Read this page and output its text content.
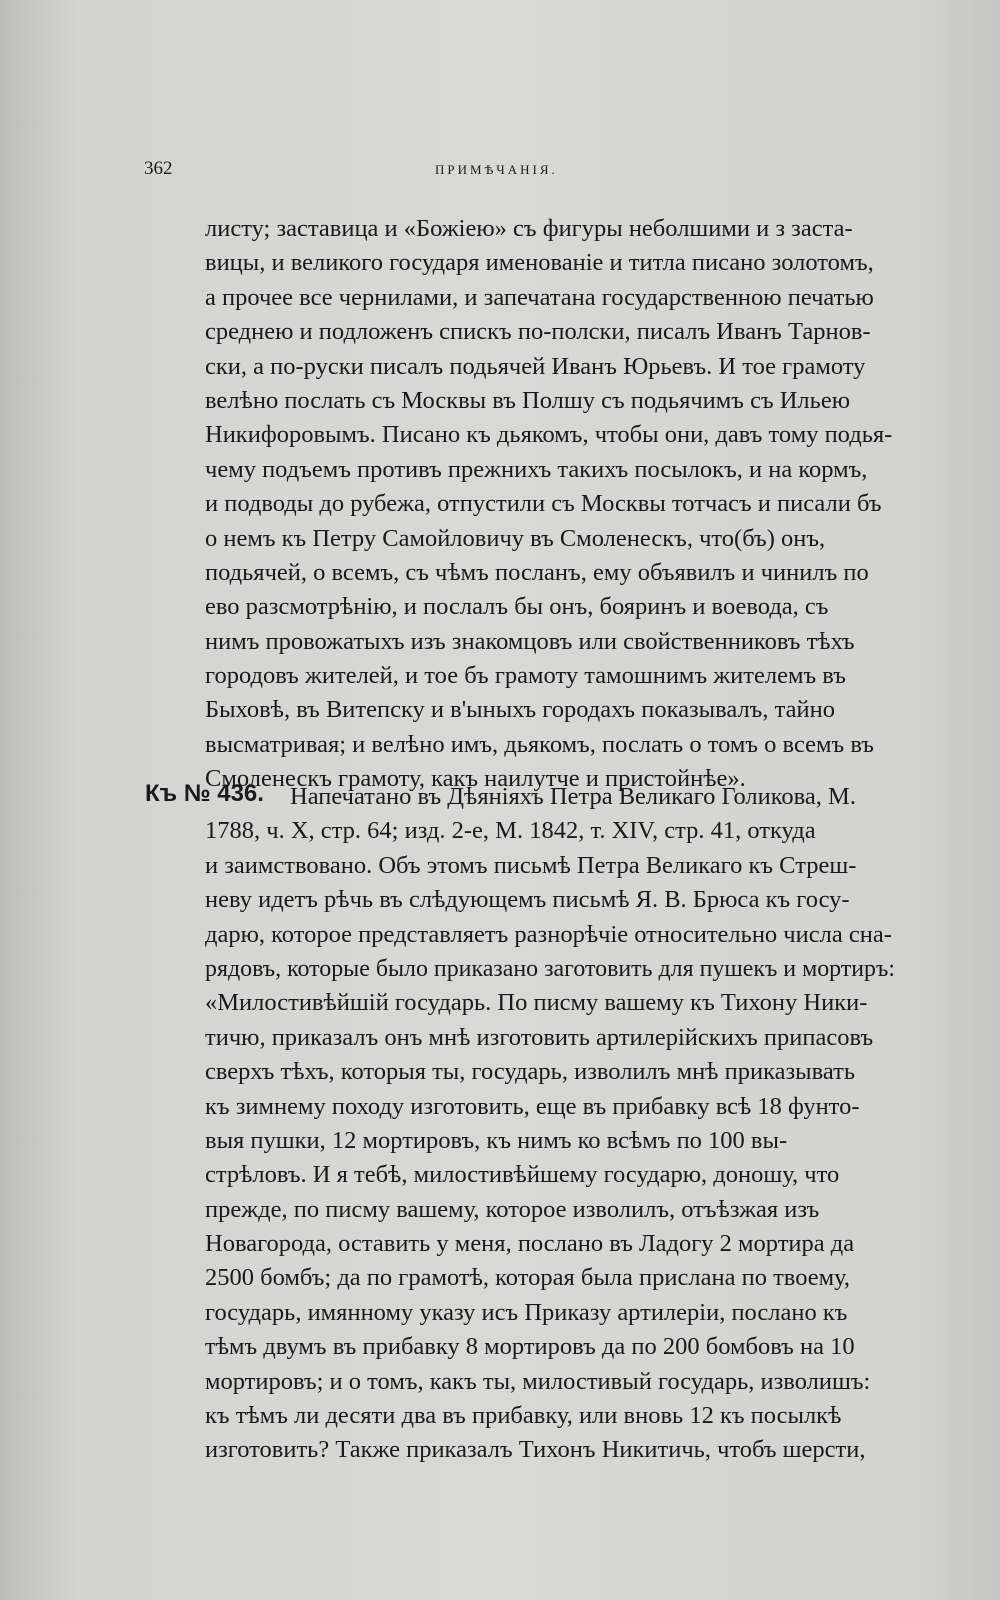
362	ПРИМѢЧАНІЯ.
листу; заставица и «Божіею» съ фигуры неболшими и з заста-
вицы, и великого государя именованіе и титла писано золотомъ,
а прочее все чернилами, и запечатана государственною печатью
среднею и подложенъ спискъ по-полски, писалъ Иванъ Тарнов-
ски, а по-руски писалъ подьячей Иванъ Юрьевъ. И тое грамоту
велѣно послать съ Москвы въ Полшу съ подьячимъ съ Ильею
Никифоровымъ. Писано къ дьякомъ, чтобы они, давъ тому подья-
чему подъемъ противъ прежнихъ такихъ посылокъ, и на кормъ,
и подводы до рубежа, отпустили съ Москвы тотчасъ и писали бъ
о немъ къ Петру Самойловичу въ Смоленескъ, что(бъ) онъ,
подьячей, о всемъ, съ чѣмъ посланъ, ему объявилъ и чинилъ по
ево разсмотрѣнію, и послалъ бы онъ, бояринъ и воевода, съ
нимъ провожатыхъ изъ знакомцовъ или свойственниковъ тѣхъ
городовъ жителей, и тое бъ грамоту тамошнимъ жителемъ въ
Быховѣ, въ Витепску и в'ыныхъ городахъ показывалъ, тайно
высматривая; и велѣно имъ, дьякомъ, послать о томъ о всемъ въ
Смоленескъ грамоту, какъ наилутче и пристойнѣе».
Къ № 436.	Напечатано въ Дѣяніяхъ Петра Великаго Голикова, М.
1788, ч. X, стр. 64; изд. 2-е, М. 1842, т. XIV, стр. 41, откуда
и заимствовано. Объ этомъ письмѣ Петра Великаго къ Стреш-
неву идетъ рѣчь въ слѣдующемъ письмѣ Я. В. Брюса къ госу-
дарю, которое представляетъ разнорѣчіе относительно числа сна-
рядовъ, которые было приказано заготовить для пушекъ и мортиръ:
«Милостивѣйшій государь. По писму вашему къ Тихону Ники-
тичю, приказалъ онъ мнѣ изготовить артилерійскихъ припасовъ
сверхъ тѣхъ, которыя ты, государь, изволилъ мнѣ приказывать
къ зимнему походу изготовить, еще въ прибавку всѣ 18 фунто-
выя пушки, 12 мортировъ, къ нимъ ко всѣмъ по 100 вы-
стрѣловъ. И я тебѣ, милостивѣйшему государю, доношу, что
прежде, по писму вашему, которое изволилъ, отъѣзжая изъ
Новагорода, оставить у меня, послано въ Ладогу 2 мортира да
2500 бомбъ; да по грамотѣ, которая была прислана по твоему,
государь, имянному указу исъ Приказу артилеріи, послано къ
тѣмъ двумъ въ прибавку 8 мортировъ да по 200 бомбовъ на 10
мортировъ; и о томъ, какъ ты, милостивый государь, изволишъ:
къ тѣмъ ли десяти два въ прибавку, или вновь 12 къ посылкѣ
изготовить? Также приказалъ Тихонъ Никитичь, чтобъ шерсти,
